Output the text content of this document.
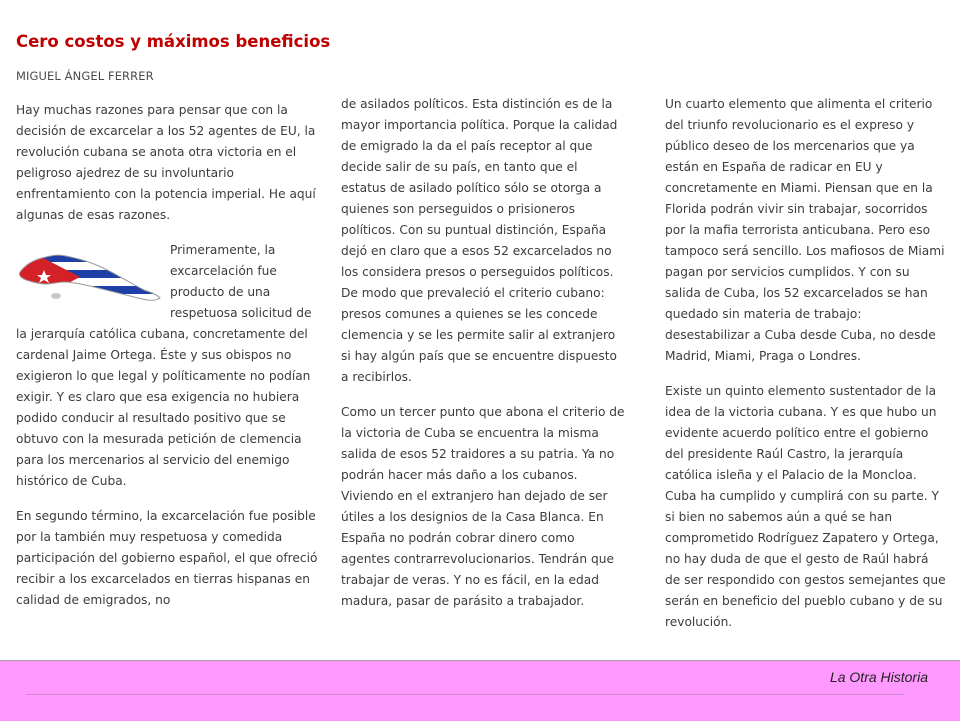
Cero costos y máximos beneficios
MIGUEL ÁNGEL FERRER

Hay muchas razones para pensar que con la decisión de excarcelar a los 52 agentes de EU, la revolución cubana se anota otra victoria en el peligroso ajedrez de su involuntario enfrentamiento con la potencia imperial. He aquí algunas de esas razones.

Primeramente, la excarcelación fue producto de una respetuosa solicitud de la jerarquía católica cubana, concretamente del cardenal Jaime Ortega. Éste y sus obispos no exigieron lo que legal y políticamente no podían exigir. Y es claro que esa exigencia no hubiera podido conducir al resultado positivo que se obtuvo con la mesurada petición de clemencia para los mercenarios al servicio del enemigo histórico de Cuba.

En segundo término, la excarcelación fue posible por la también muy respetuosa y comedida participación del gobierno español, el que ofreció recibir a los excarcelados en tierras hispanas en calidad de emigrados, no

de asilados políticos. Esta distinción es de la mayor importancia política. Porque la calidad de emigrado la da el país receptor al que decide salir de su país, en tanto que el estatus de asilado político sólo se otorga a quienes son perseguidos o prisioneros políticos. Con su puntual distinción, España dejó en claro que a esos 52 excarcelados no los considera presos o perseguidos políticos. De modo que prevaleció el criterio cubano: presos comunes a quienes se les concede clemencia y se les permite salir al extranjero si hay algún país que se encuentre dispuesto a recibirlos.

Como un tercer punto que abona el criterio de la victoria de Cuba se encuentra la misma salida de esos 52 traidores a su patria. Ya no podrán hacer más daño a los cubanos. Viviendo en el extranjero han dejado de ser útiles a los designios de la Casa Blanca. En España no podrán cobrar dinero como agentes contrarrevolucionarios. Tendrán que trabajar de veras. Y no es fácil, en la edad madura, pasar de parásito a trabajador.

Un cuarto elemento que alimenta el criterio del triunfo revolucionario es el expreso y público deseo de los mercenarios que ya están en España de radicar en EU y concretamente en Miami. Piensan que en la Florida podrán vivir sin trabajar, socorridos por la mafia terrorista anticubana. Pero eso tampoco será sencillo. Los mafiosos de Miami pagan por servicios cumplidos. Y con su salida de Cuba, los 52 excarcelados se han quedado sin materia de trabajo: desestabilizar a Cuba desde Cuba, no desde Madrid, Miami, Praga o Londres.

Existe un quinto elemento sustentador de la idea de la victoria cubana. Y es que hubo un evidente acuerdo político entre el gobierno del presidente Raúl Castro, la jerarquía católica isleña y el Palacio de la Moncloa. Cuba ha cumplido y cumplirá con su parte. Y si bien no sabemos aún a qué se han comprometido Rodríguez Zapatero y Ortega, no hay duda de que el gesto de Raúl habrá de ser respondido con gestos semejantes que serán en beneficio del pueblo cubano y de su revolución.

La Otra Historia
